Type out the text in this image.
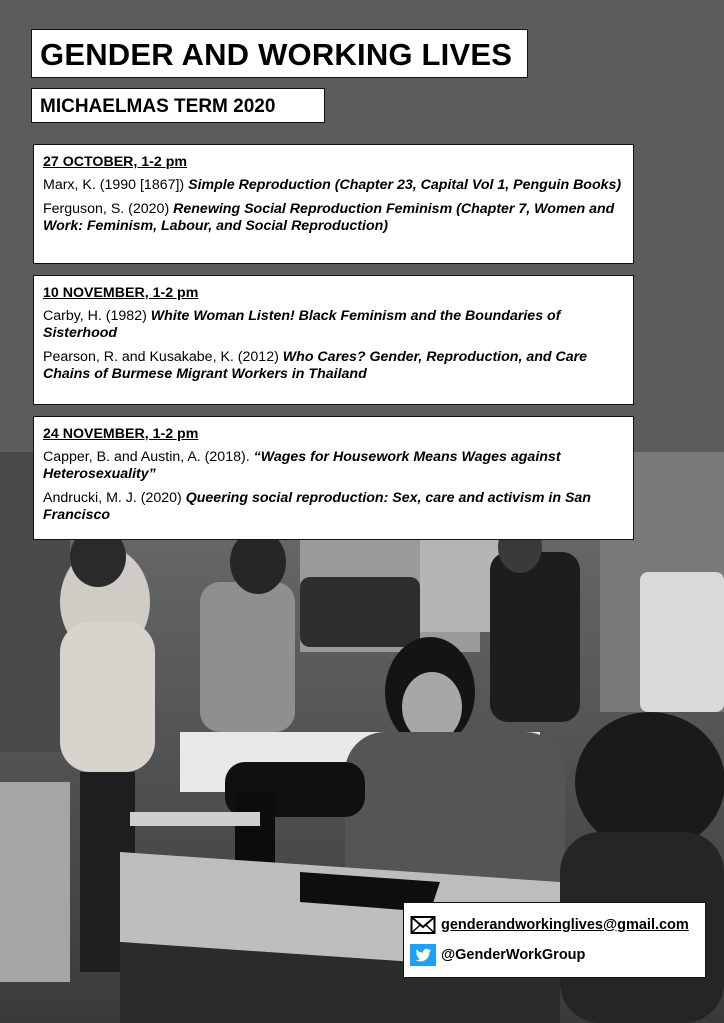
GENDER AND WORKING LIVES
MICHAELMAS TERM 2020
27 OCTOBER, 1-2 pm
Marx, K. (1990 [1867]) Simple Reproduction (Chapter 23, Capital Vol 1, Penguin Books)
Ferguson, S. (2020) Renewing Social Reproduction Feminism (Chapter 7, Women and Work: Feminism, Labour, and Social Reproduction)
10 NOVEMBER, 1-2 pm
Carby, H. (1982) White Woman Listen! Black Feminism and the Boundaries of Sisterhood
Pearson, R. and Kusakabe, K. (2012) Who Cares? Gender, Reproduction, and Care Chains of Burmese Migrant Workers in Thailand
24 NOVEMBER, 1-2 pm
Capper, B. and Austin, A. (2018). “Wages for Housework Means Wages against Heterosexuality”
Andrucki, M. J. (2020) Queering social reproduction: Sex, care and activism in San Francisco
genderandworkinglives@gmail.com
@GenderWorkGroup
